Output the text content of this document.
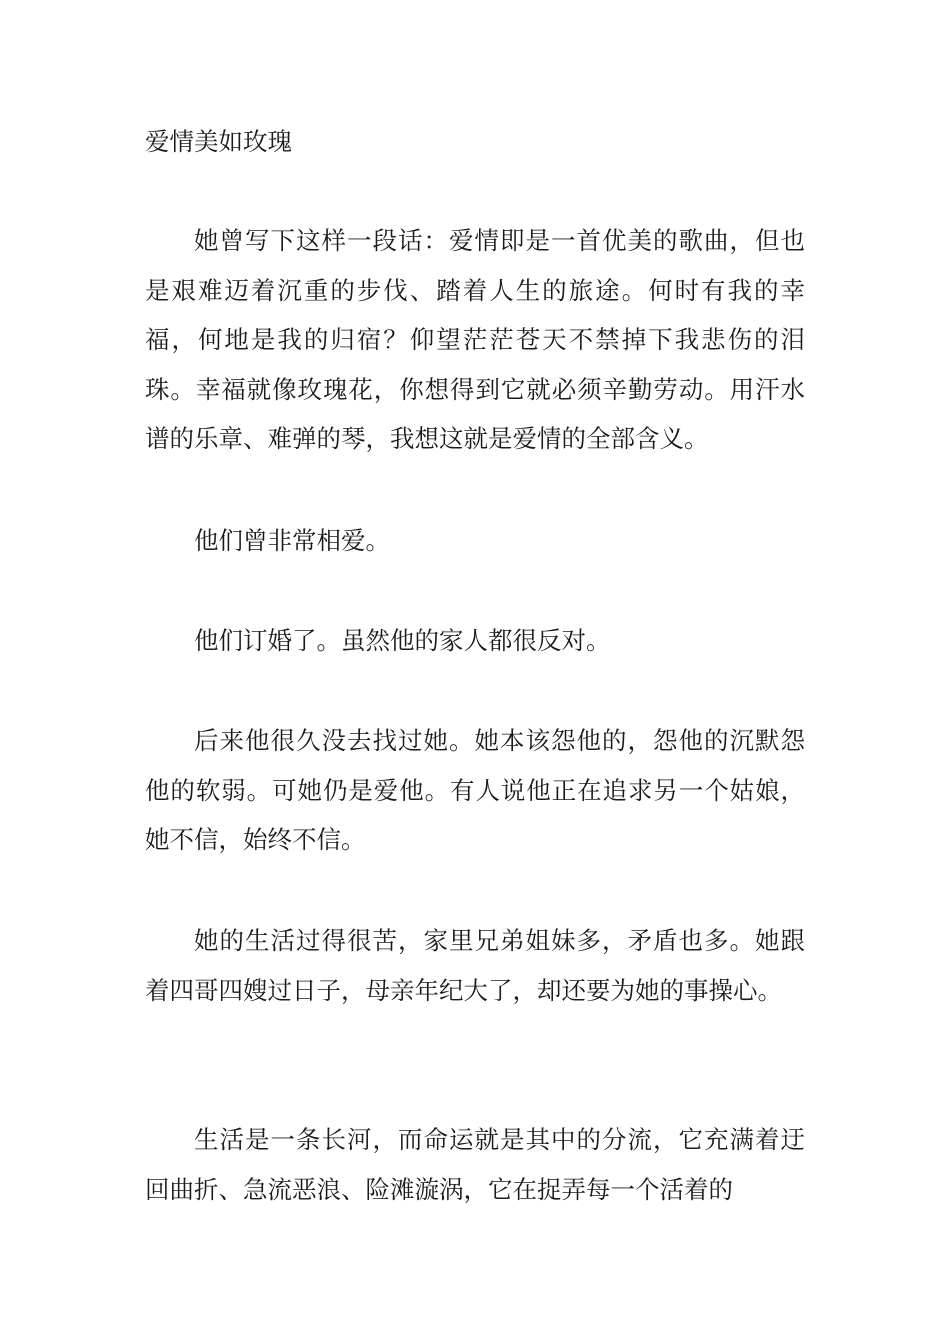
爱情美如玫瑰

她曾写下这样一段话：爱情即是一首优美的歌曲，但也是艰难迈着沉重的步伐、踏着人生的旅途。何时有我的幸福，何地是我的归宿？仰望茫茫苍天不禁掉下我悲伤的泪珠。幸福就像玫瑰花，你想得到它就必须辛勤劳动。用汗水谱的乐章、难弹的琴，我想这就是爱情的全部含义。

他们曾非常相爱。

他们订婚了。虽然他的家人都很反对。

后来他很久没去找过她。她本该怨他的，怨他的沉默怨他的软弱。可她仍是爱他。有人说他正在追求另一个姑娘，她不信，始终不信。

她的生活过得很苦，家里兄弟姐妹多，矛盾也多。她跟着四哥四嫂过日子，母亲年纪大了，却还要为她的事操心。

生活是一条长河，而命运就是其中的分流，它充满着迂回曲折、急流恶浪、险滩漩涡，它在捉弄每一个活着的
